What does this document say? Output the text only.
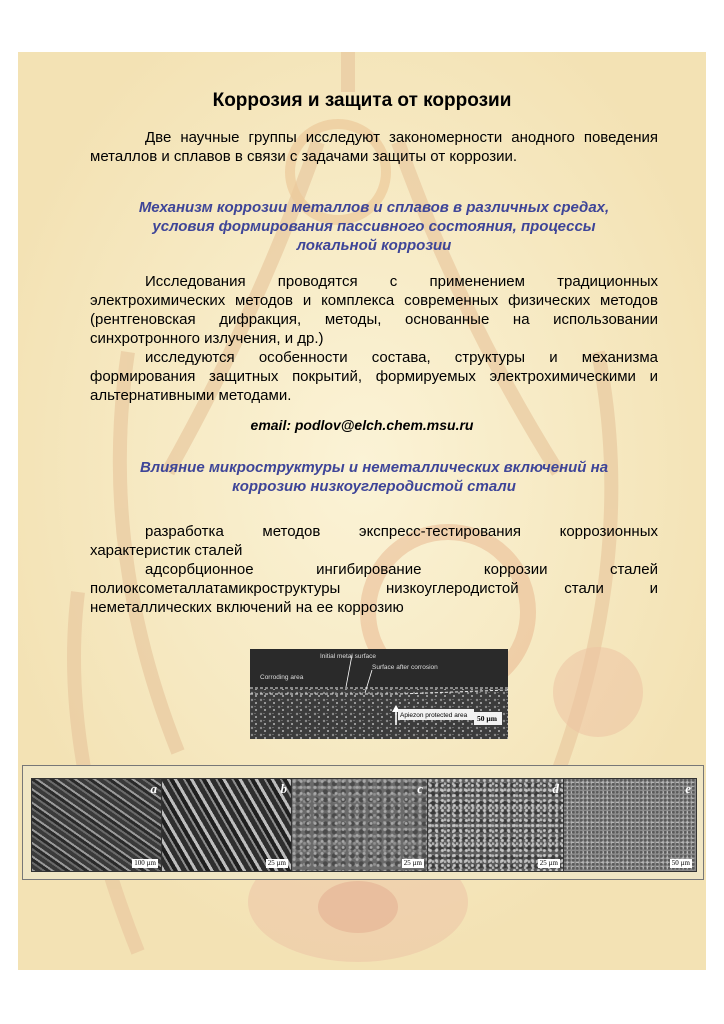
Коррозия и защита от коррозии

Две научные группы исследуют закономерности анодного поведения металлов и сплавов в связи с задачами защиты от коррозии.

Механизм коррозии металлов и сплавов в различных средах,
условия формирования пассивного состояния, процессы
локальной коррозии

Исследования проводятся с применением традиционных электрохимических методов и комплекса современных физических методов (рентгеновская дифракция, методы, основанные на использовании синхротронного излучения, и др.)

исследуются особенности состава, структуры и механизма формирования защитных покрытий, формируемых электрохимическими и альтернативными методами.

email: podlov@elch.chem.msu.ru

Влияние микроструктуры и неметаллических включений на
коррозию низкоуглеродистой стали

разработка методов экспресс-тестирования коррозионных характеристик сталей

адсорбционное ингибирование коррозии сталей полиоксометаллатамикроструктуры низкоуглеродистой стали и неметаллических включений на ее коррозию

Initial metal surface
Surface after corrosion
Corroding area
Apiezon protected area 50 µm
a
100 µm
b
25 µm
c
25 µm
d
25 µm
e
50 µm
